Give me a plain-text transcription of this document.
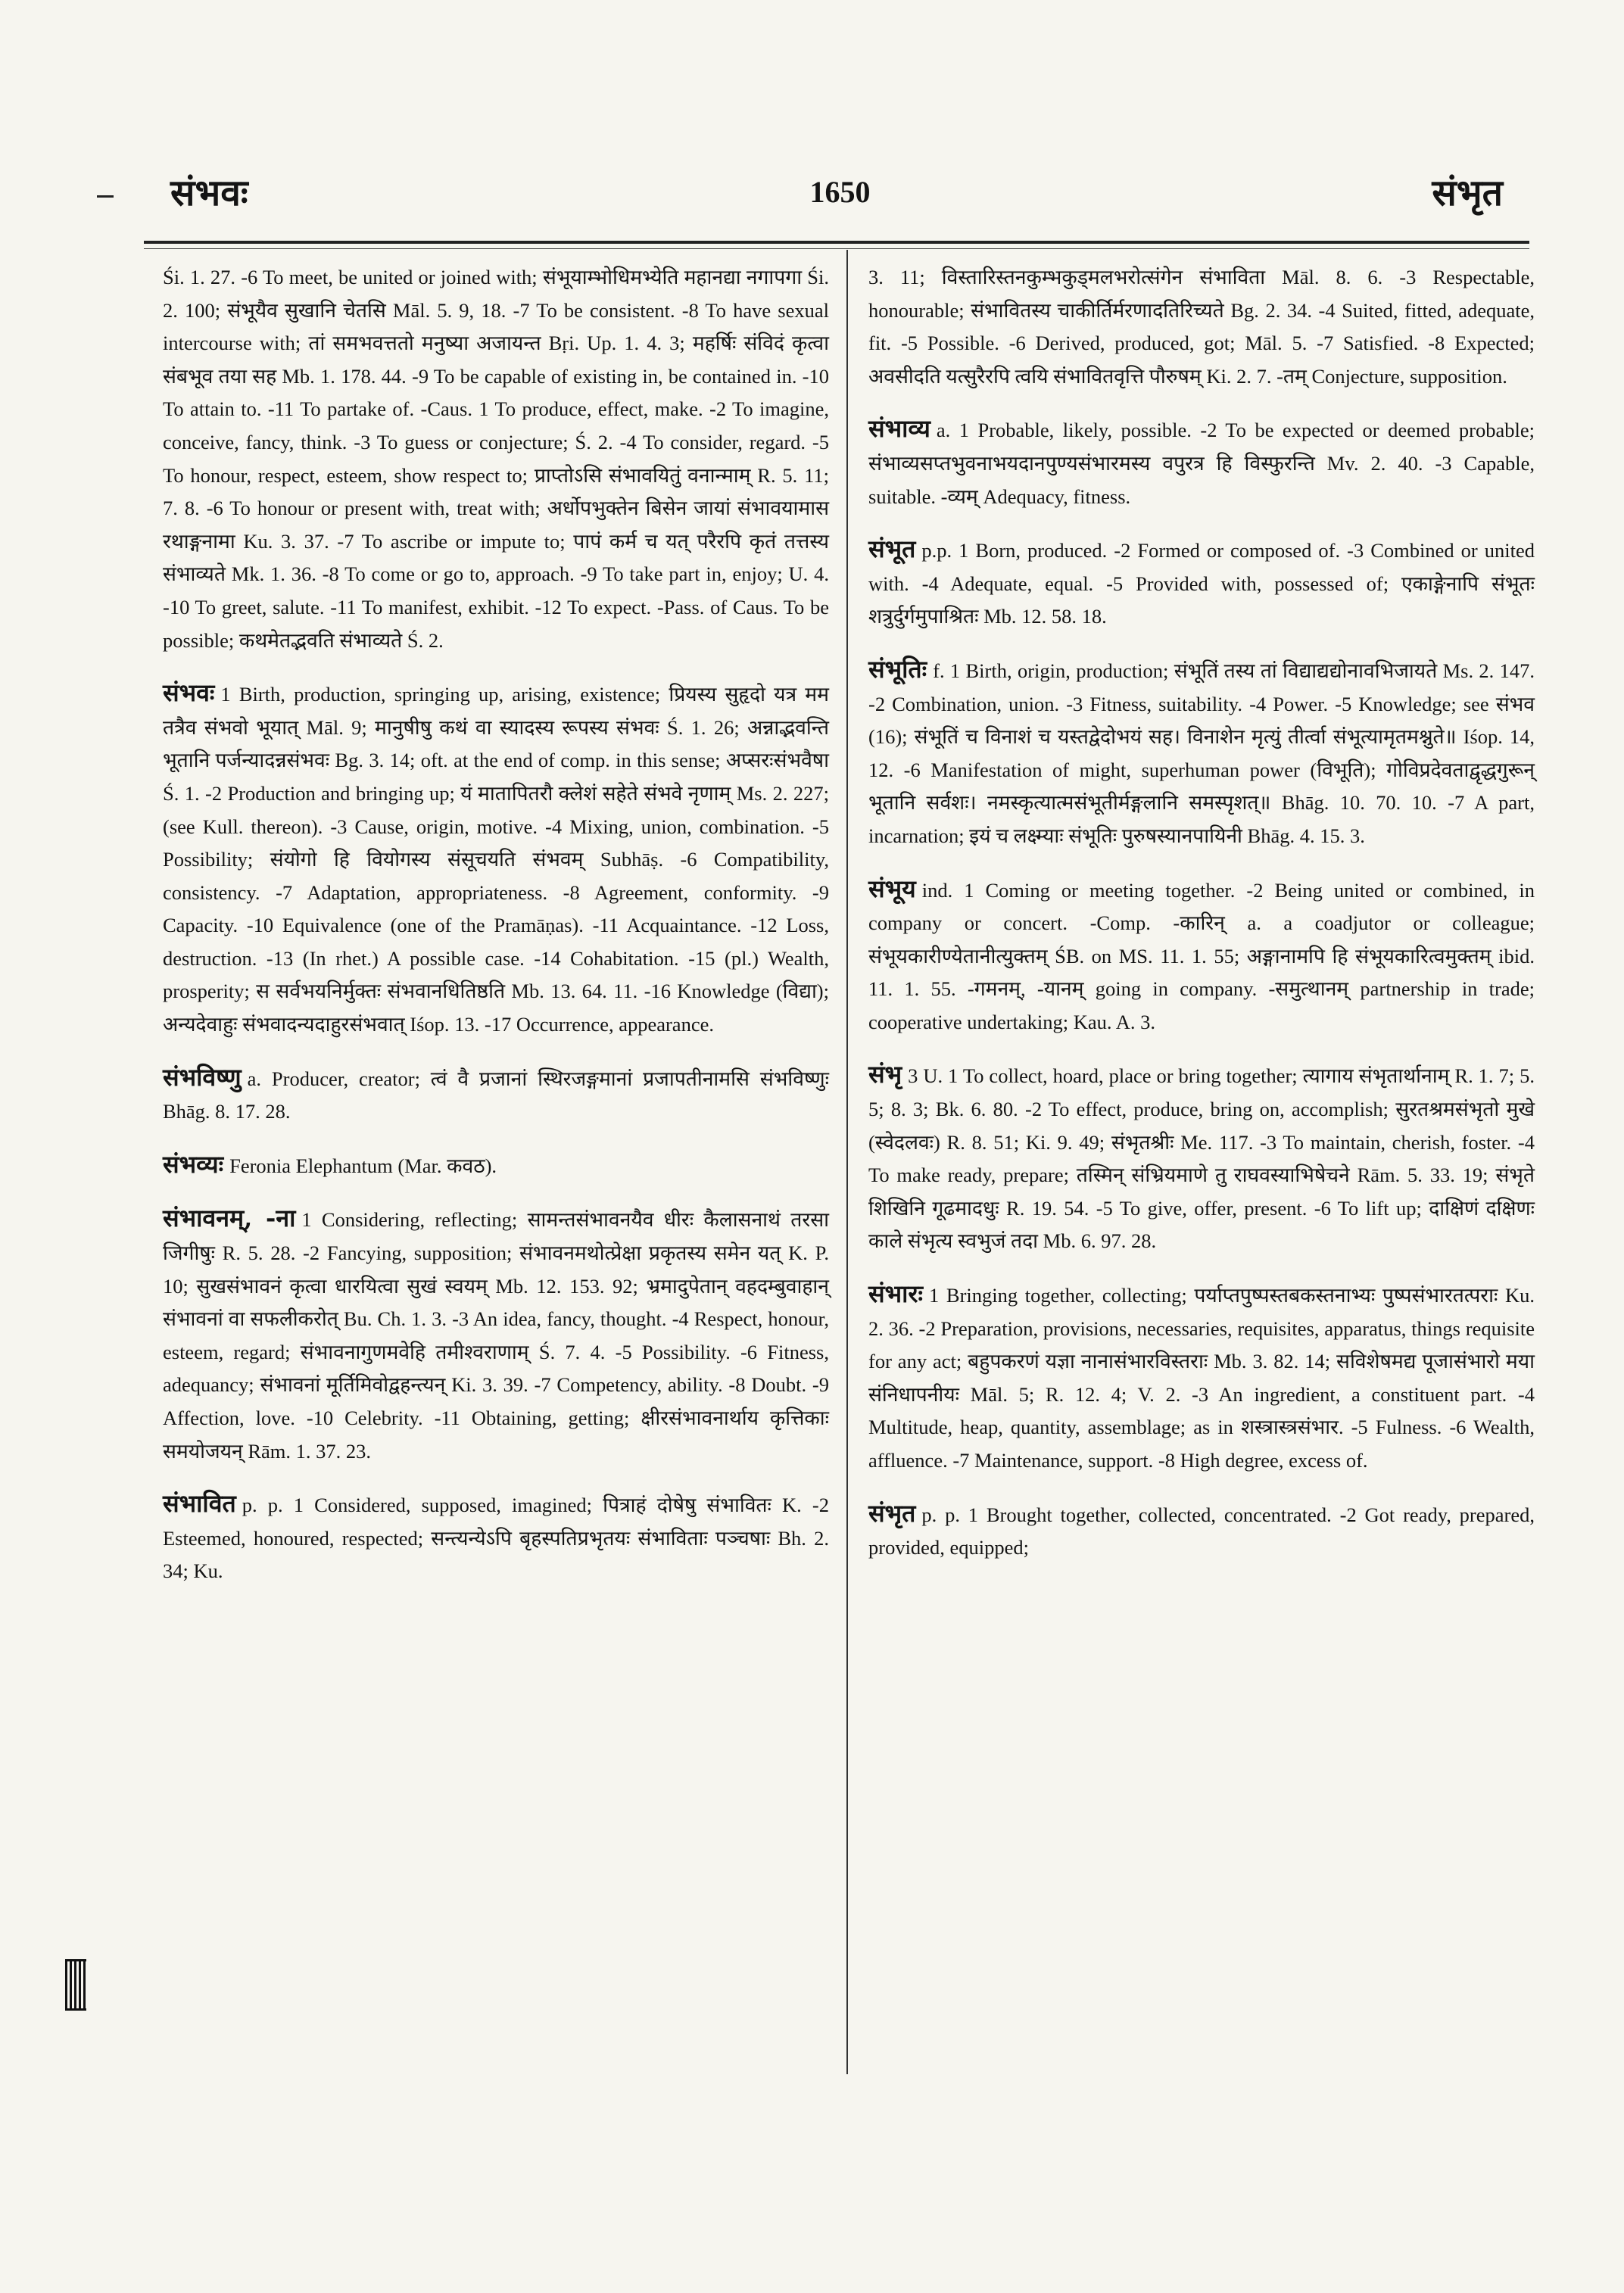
संभवः	1650	संभृत

Śi. 1. 27. -6 To meet, be united or joined with; संभूयाम्भोधिमभ्येति महानद्या नगापगा Śi. 2. 100; संभूयैव सुखानि चेतसि Māl. 5. 9, 18. -7 To be consistent. -8 To have sexual intercourse with; तां समभवत्ततो मनुष्या अजायन्त Bṛi. Up. 1. 4. 3; महर्षिः संविदं कृत्वा संबभूव तया सह Mb. 1. 178. 44. -9 To be capable of existing in, be contained in. -10 To attain to. -11 To partake of. -Caus. 1 To produce, effect, make. -2 To imagine, conceive, fancy, think. -3 To guess or conjecture; Ś. 2. -4 To consider, regard. -5 To honour, respect, esteem, show respect to; प्राप्तोऽसि संभावयितुं वनान्माम् R. 5. 11; 7. 8. -6 To honour or present with, treat with; अर्धोपभुक्तेन बिसेन जायां संभावयामास रथाङ्गनामा Ku. 3. 37. -7 To ascribe or impute to; पापं कर्म च यत् परैरपि कृतं तत्तस्य संभाव्यते Mk. 1. 36. -8 To come or go to, approach. -9 To take part in, enjoy; U. 4. -10 To greet, salute. -11 To manifest, exhibit. -12 To expect. -Pass. of Caus. To be possible; कथमेतद्भवति संभाव्यते Ś. 2.

संभवः 1 Birth, production, springing up, arising, existence; प्रियस्य सुहृदो यत्र मम तत्रैव संभवो भूयात् Māl. 9; मानुषीषु कथं वा स्यादस्य रूपस्य संभवः Ś. 1. 26; अन्नाद्भवन्ति भूतानि पर्जन्यादन्नसंभवः Bg. 3. 14; oft. at the end of comp. in this sense; अप्सरःसंभवैषा Ś. 1. -2 Production and bringing up; यं मातापितरौ क्लेशं सहेते संभवे नृणाम् Ms. 2. 227; (see Kull. thereon). -3 Cause, origin, motive. -4 Mixing, union, combination. -5 Possibility; संयोगो हि वियोगस्य संसूचयति संभवम् Subhāṣ. -6 Compatibility, consistency. -7 Adaptation, appropriateness. -8 Agreement, conformity. -9 Capacity. -10 Equivalence (one of the Pramāṇas). -11 Acquaintance. -12 Loss, destruction. -13 (In rhet.) A possible case. -14 Cohabitation. -15 (pl.) Wealth, prosperity; स सर्वभयनिर्मुक्तः संभवानधितिष्ठति Mb. 13. 64. 11. -16 Knowledge (विद्या); अन्यदेवाहुः संभवादन्यदाहुरसंभवात् Iśop. 13. -17 Occurrence, appearance.

संभविष्णु a. Producer, creator; त्वं वै प्रजानां स्थिरजङ्गमानां प्रजापतीनामसि संभविष्णुः Bhāg. 8. 17. 28.

संभव्यः Feronia Elephantum (Mar. कवठ).

संभावनम्, -ना 1 Considering, reflecting; सामन्तसंभावनयैव धीरः कैलासनाथं तरसा जिगीषुः R. 5. 28. -2 Fancying, supposition; संभावनमथोत्प्रेक्षा प्रकृतस्य समेन यत् K. P. 10; सुखसंभावनं कृत्वा धारयित्वा सुखं स्वयम् Mb. 12. 153. 92; भ्रमादुपेतान् वहदम्बुवाहान् संभावनां वा सफलीकरोत् Bu. Ch. 1. 3. -3 An idea, fancy, thought. -4 Respect, honour, esteem, regard; संभावनागुणमवेहि तमीश्वराणाम् Ś. 7. 4. -5 Possibility. -6 Fitness, adequancy; संभावनां मूर्तिमिवोद्वहन्त्यन् Ki. 3. 39. -7 Competency, ability. -8 Doubt. -9 Affection, love. -10 Celebrity. -11 Obtaining, getting; क्षीरसंभावनार्थाय कृत्तिकाः समयोजयन् Rām. 1. 37. 23.

संभावित p. p. 1 Considered, supposed, imagined; पित्राहं दोषेषु संभावितः K. -2 Esteemed, honoured, respected; सन्त्यन्येऽपि बृहस्पतिप्रभृतयः संभाविताः पञ्चषाः Bh. 2. 34; Ku.

3. 11; विस्तारिस्तनकुम्भकुड्मलभरोत्संगेन संभाविता Māl. 8. 6. -3 Respectable, honourable; संभावितस्य चाकीर्तिर्मरणादतिरिच्यते Bg. 2. 34. -4 Suited, fitted, adequate, fit. -5 Possible. -6 Derived, produced, got; Māl. 5. -7 Satisfied. -8 Expected; अवसीदति यत्सुरैरपि त्वयि संभावितवृत्ति पौरुषम् Ki. 2. 7. -तम् Conjecture, supposition.

संभाव्य a. 1 Probable, likely, possible. -2 To be expected or deemed probable; संभाव्यसप्तभुवनाभयदानपुण्यसंभारमस्य वपुरत्र हि विस्फुरन्ति Mv. 2. 40. -3 Capable, suitable. -व्यम् Adequacy, fitness.

संभूत p.p. 1 Born, produced. -2 Formed or composed of. -3 Combined or united with. -4 Adequate, equal. -5 Provided with, possessed of; एकाङ्गेनापि संभूतः शत्रुर्दुर्गमुपाश्रितः Mb. 12. 58. 18.

संभूतिः f. 1 Birth, origin, production; संभूतिं तस्य तां विद्याद्यद्योनावभिजायते Ms. 2. 147. -2 Combination, union. -3 Fitness, suitability. -4 Power. -5 Knowledge; see संभव (16); संभूतिं च विनाशं च यस्तद्वेदोभयं सह। विनाशेन मृत्युं तीर्त्वा संभूत्यामृतमश्नुते॥ Iśop. 14, 12. -6 Manifestation of might, superhuman power (विभूति); गोविप्रदेवताद्वृद्धगुरून् भूतानि सर्वशः। नमस्कृत्यात्मसंभूतीर्मङ्गलानि समस्पृशत्॥ Bhāg. 10. 70. 10. -7 A part, incarnation; इयं च लक्ष्म्याः संभूतिः पुरुषस्यानपायिनी Bhāg. 4. 15. 3.

संभूय ind. 1 Coming or meeting together. -2 Being united or combined, in company or concert. -Comp. -कारिन् a. a coadjutor or colleague; संभूयकारीण्येतानीत्युक्तम् ŚB. on MS. 11. 1. 55; अङ्गानामपि हि संभूयकारित्वमुक्तम् ibid. 11. 1. 55. -गमनम्, -यानम् going in company. -समुत्थानम् partnership in trade; cooperative undertaking; Kau. A. 3.

संभृ 3 U. 1 To collect, hoard, place or bring together; त्यागाय संभृतार्थानाम् R. 1. 7; 5. 5; 8. 3; Bk. 6. 80. -2 To effect, produce, bring on, accomplish; सुरतश्रमसंभृतो मुखे (स्वेदलवः) R. 8. 51; Ki. 9. 49; संभृतश्रीः Me. 117. -3 To maintain, cherish, foster. -4 To make ready, prepare; तस्मिन् संभ्रियमाणे तु राघवस्याभिषेचने Rām. 5. 33. 19; संभृते शिखिनि गूढमादधुः R. 19. 54. -5 To give, offer, present. -6 To lift up; दाक्षिणं दक्षिणः काले संभृत्य स्वभुजं तदा Mb. 6. 97. 28.

संभारः 1 Bringing together, collecting; पर्याप्तपुष्पस्तबकस्तनाभ्यः पुष्पसंभारतत्पराः Ku. 2. 36. -2 Preparation, provisions, necessaries, requisites, apparatus, things requisite for any act; बहुपकरणं यज्ञा नानासंभारविस्तराः Mb. 3. 82. 14; सविशेषमद्य पूजासंभारो मया संनिधापनीयः Māl. 5; R. 12. 4; V. 2. -3 An ingredient, a constituent part. -4 Multitude, heap, quantity, assemblage; as in शस्त्रास्त्रसंभार. -5 Fulness. -6 Wealth, affluence. -7 Maintenance, support. -8 High degree, excess of.

संभृत p. p. 1 Brought together, collected, concentrated. -2 Got ready, prepared, provided, equipped;
